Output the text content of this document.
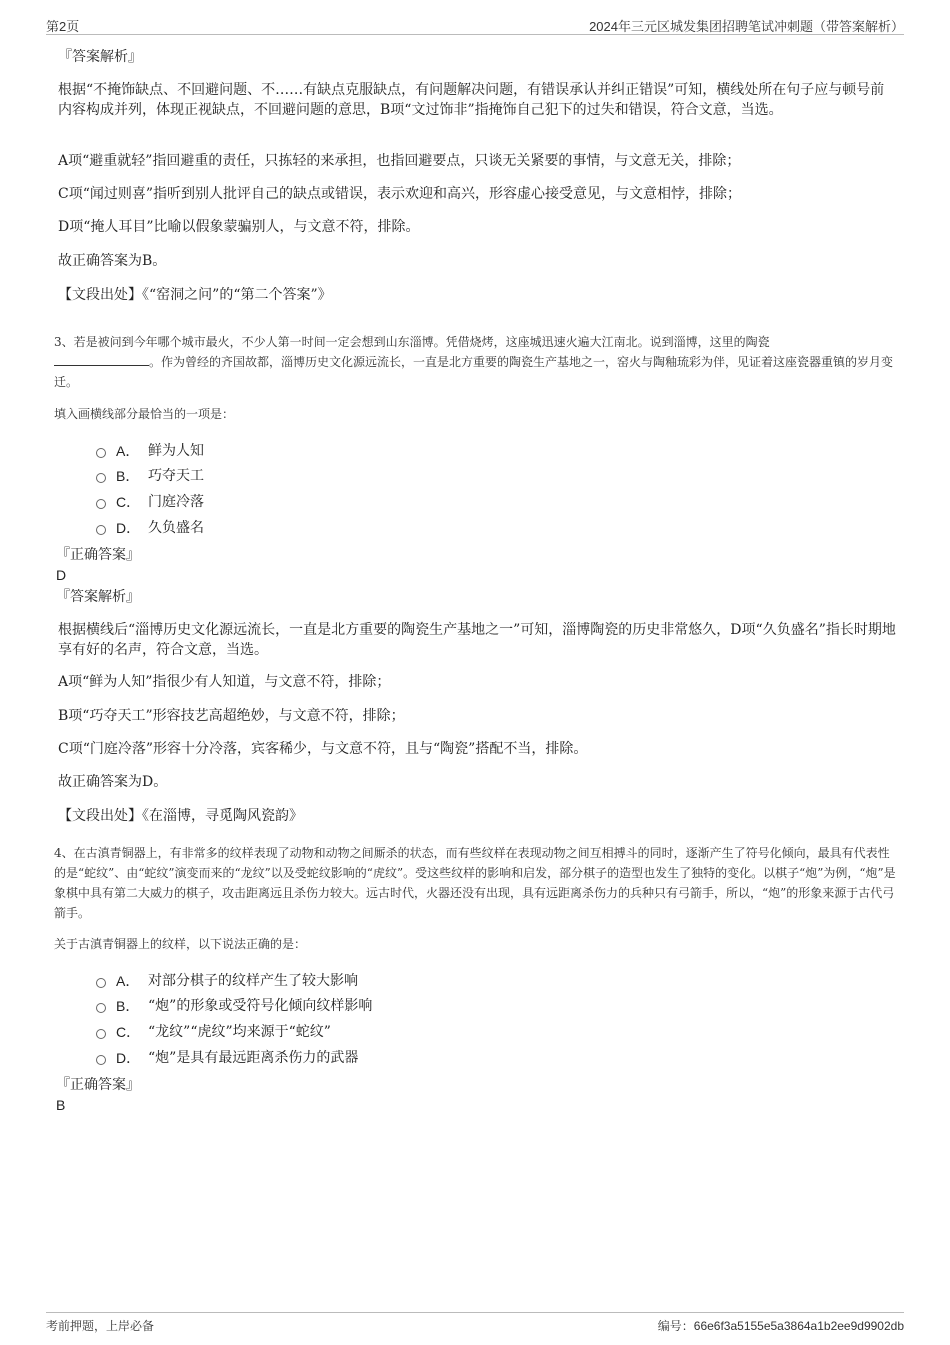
第2页	2024年三元区城发集团招聘笔试冲刺题（带答案解析）
『答案解析』
根据“不掩饰缺点、不回避问题、不……有缺点克服缺点，有问题解决问题，有错误承认并纠正错误”可知，横线处所在句子应与顿号前内容构成并列，体现正视缺点，不回避问题的意思，B项“文过饰非”指掩饰自己犯下的过失和错误，符合文意，当选。
A项“避重就轻”指回避重的责任，只拣轻的来承担，也指回避要点，只谈无关紧要的事情，与文意无关，排除；
C项“闻过则喜”指听到别人批评自己的缺点或错误，表示欢迎和高兴，形容虚心接受意见，与文意相悖，排除；
D项“掩人耳目”比喻以假象蒙骗别人，与文意不符，排除。
故正确答案为B。
【文段出处】《“窑洞之问”的“第二个答案”》
3、若是被问到今年哪个城市最火，不少人第一时间一定会想到山东淄博。凭借烧烤，这座城迅速火遍大江南北。说到淄博，这里的陶瓷
。作为曾经的齐国故都，淄博历史文化源远流长，一直是北方重要的陶瓷生产基地之一，窑火与陶釉琉彩为伴，见证着这座瓷器重镇的岁月变迁。
填入画横线部分最恰当的一项是：
A． 鲜为人知
B． 巧夺天工
C． 门庭冷落
D． 久负盛名
『正确答案』
D
『答案解析』
根据横线后“淄博历史文化源远流长，一直是北方重要的陶瓷生产基地之一”可知，淄博陶瓷的历史非常悠久，D项“久负盛名”指长时期地享有好的名声，符合文意，当选。
A项“鲜为人知”指很少有人知道，与文意不符，排除；
B项“巧夺天工”形容技艺高超绝妙，与文意不符，排除；
C项“门庭冷落”形容十分冷落，宾客稀少，与文意不符，且与“陶瓷”搭配不当，排除。
故正确答案为D。
【文段出处】《在淄博，寻觅陶风瓷韵》
4、在古滇青铜器上，有非常多的纹样表现了动物和动物之间厮杀的状态，而有些纹样在表现动物之间互相搏斗的同时，逐渐产生了符号化倾向，最具有代表性的是“蛇纹”、由“蛇纹”演变而来的“龙纹”以及受蛇纹影响的“虎纹”。受这些纹样的影响和启发，部分棋子的造型也发生了独特的变化。以棋子“炮”为例，“炮”是象棋中具有第二大威力的棋子，攻击距离远且杀伤力较大。远古时代，火器还没有出现，具有远距离杀伤力的兵种只有弓箭手，所以，“炮”的形象来源于古代弓箭手。
关于古滇青铜器上的纹样，以下说法正确的是：
A． 对部分棋子的纹样产生了较大影响
B． “炮”的形象或受符号化倾向纹样影响
C． “龙纹”“虎纹”均来源于“蛇纹”
D． “炮”是具有最远距离杀伤力的武器
『正确答案』
B
考前押题，上岸必备	编号：66e6f3a5155e5a3864a1b2ee9d9902db
